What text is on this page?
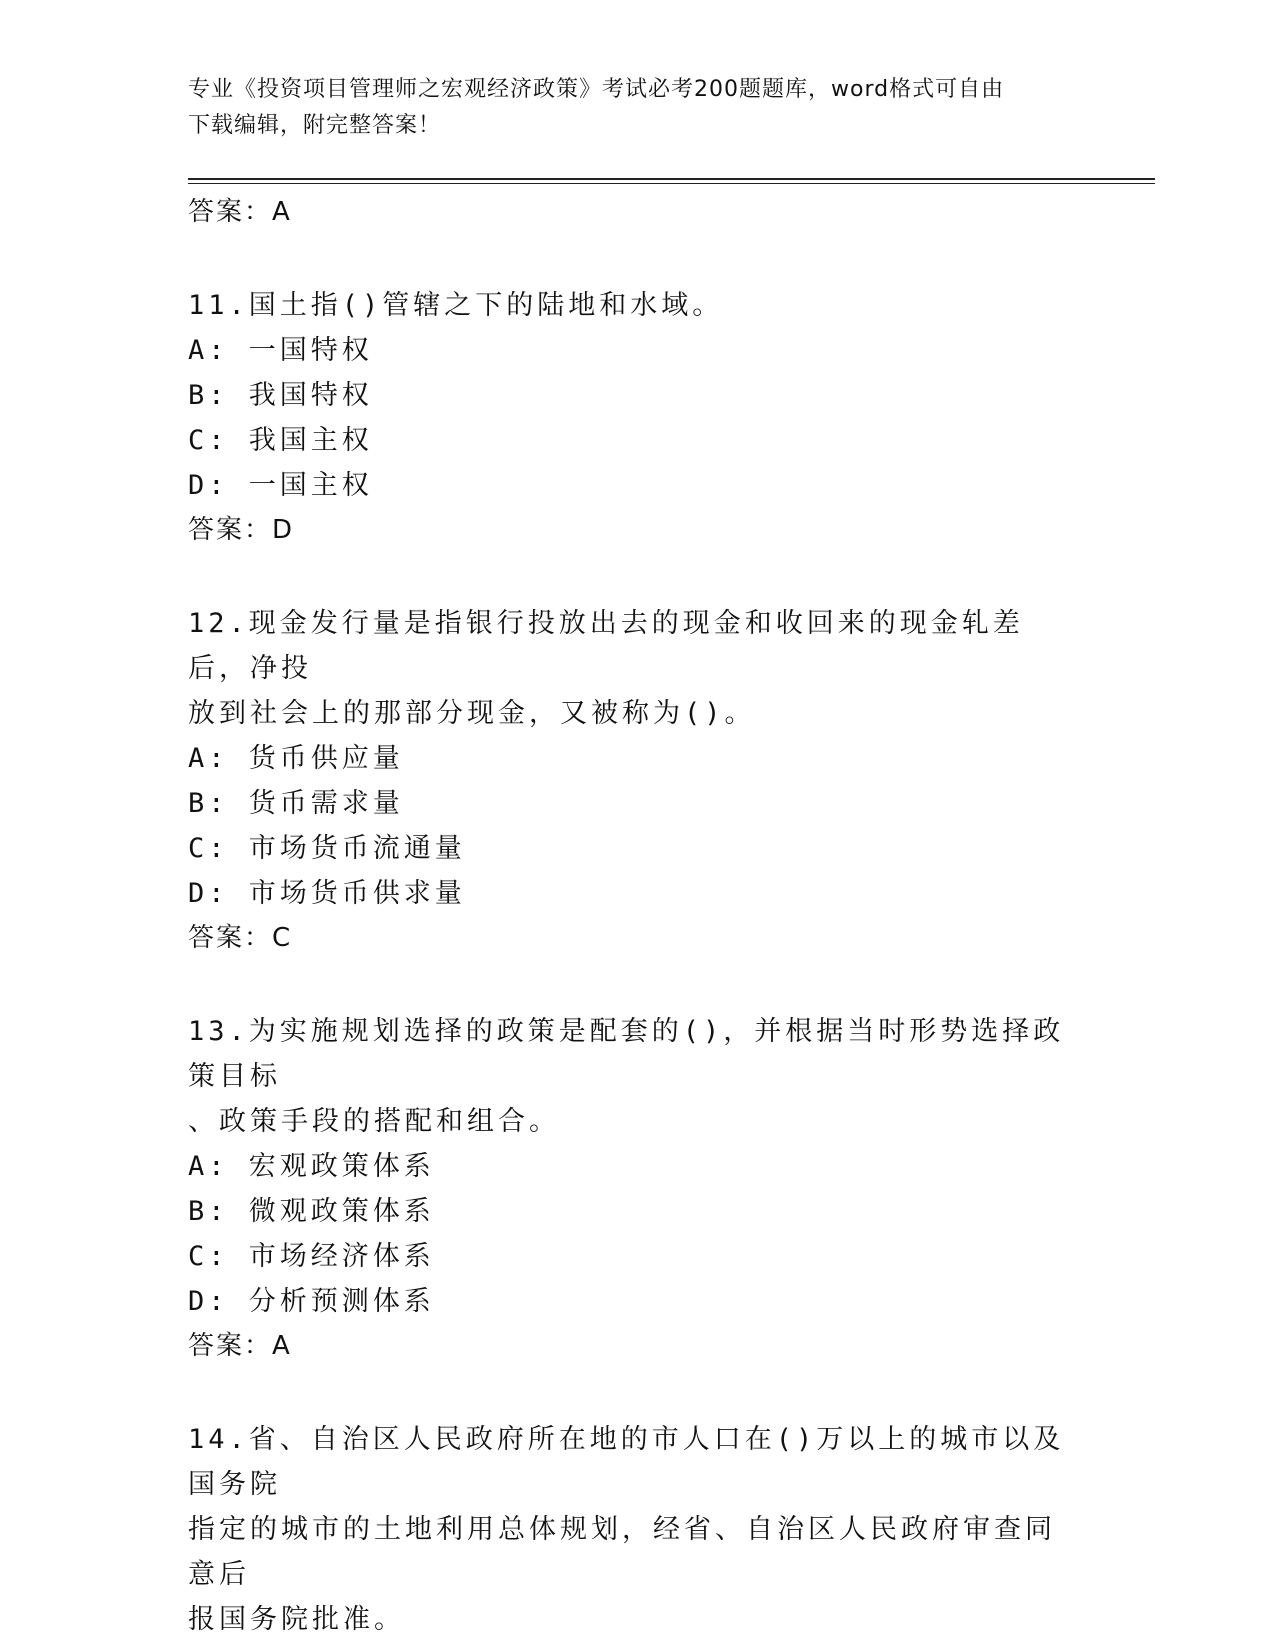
专业《投资项目管理师之宏观经济政策》考试必考200题题库，word格式可自由
下载编辑，附完整答案！
答案：A
11.国土指()管辖之下的陆地和水域。
A: 一国特权
B: 我国特权
C: 我国主权
D: 一国主权
答案：D
12.现金发行量是指银行投放出去的现金和收回来的现金轧差后，净投
放到社会上的那部分现金，又被称为()。
A: 货币供应量
B: 货币需求量
C: 市场货币流通量
D: 市场货币供求量
答案：C
13.为实施规划选择的政策是配套的()，并根据当时形势选择政策目标
、政策手段的搭配和组合。
A: 宏观政策体系
B: 微观政策体系
C: 市场经济体系
D: 分析预测体系
答案：A
14.省、自治区人民政府所在地的市人口在()万以上的城市以及国务院
指定的城市的土地利用总体规划，经省、自治区人民政府审查同意后
报国务院批准。
